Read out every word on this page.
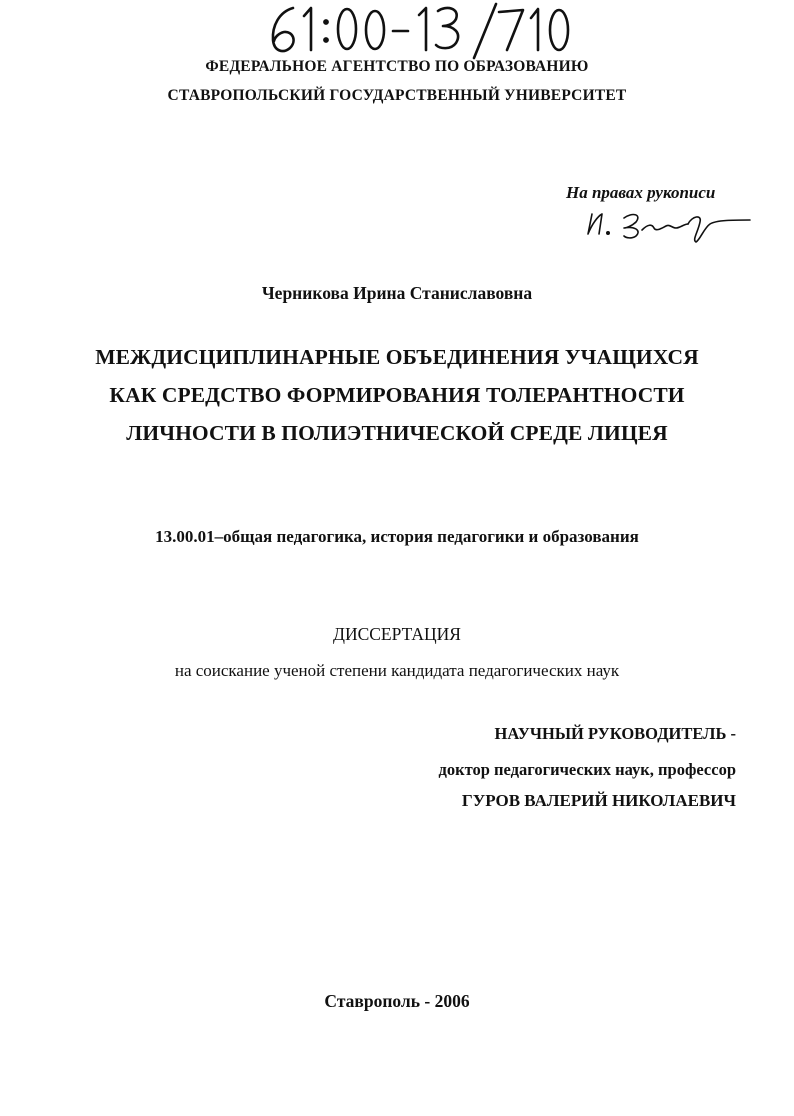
ФЕДЕРАЛЬНОЕ АГЕНТСТВО ПО ОБРАЗОВАНИЮ
СТАВРОПОЛЬСКИЙ ГОСУДАРСТВЕННЫЙ УНИВЕРСИТЕТ
На правах рукописи
Черникова Ирина Станиславовна
МЕЖДИСЦИПЛИНАРНЫЕ ОБЪЕДИНЕНИЯ УЧАЩИХСЯ
КАК СРЕДСТВО ФОРМИРОВАНИЯ ТОЛЕРАНТНОСТИ
ЛИЧНОСТИ В ПОЛИЭТНИЧЕСКОЙ СРЕДЕ ЛИЦЕЯ
13.00.01–общая педагогика, история педагогики и образования
ДИССЕРТАЦИЯ
на соискание ученой степени кандидата педагогических наук
НАУЧНЫЙ РУКОВОДИТЕЛЬ -
доктор педагогических наук, профессор
ГУРОВ ВАЛЕРИЙ НИКОЛАЕВИЧ
Ставрополь - 2006
